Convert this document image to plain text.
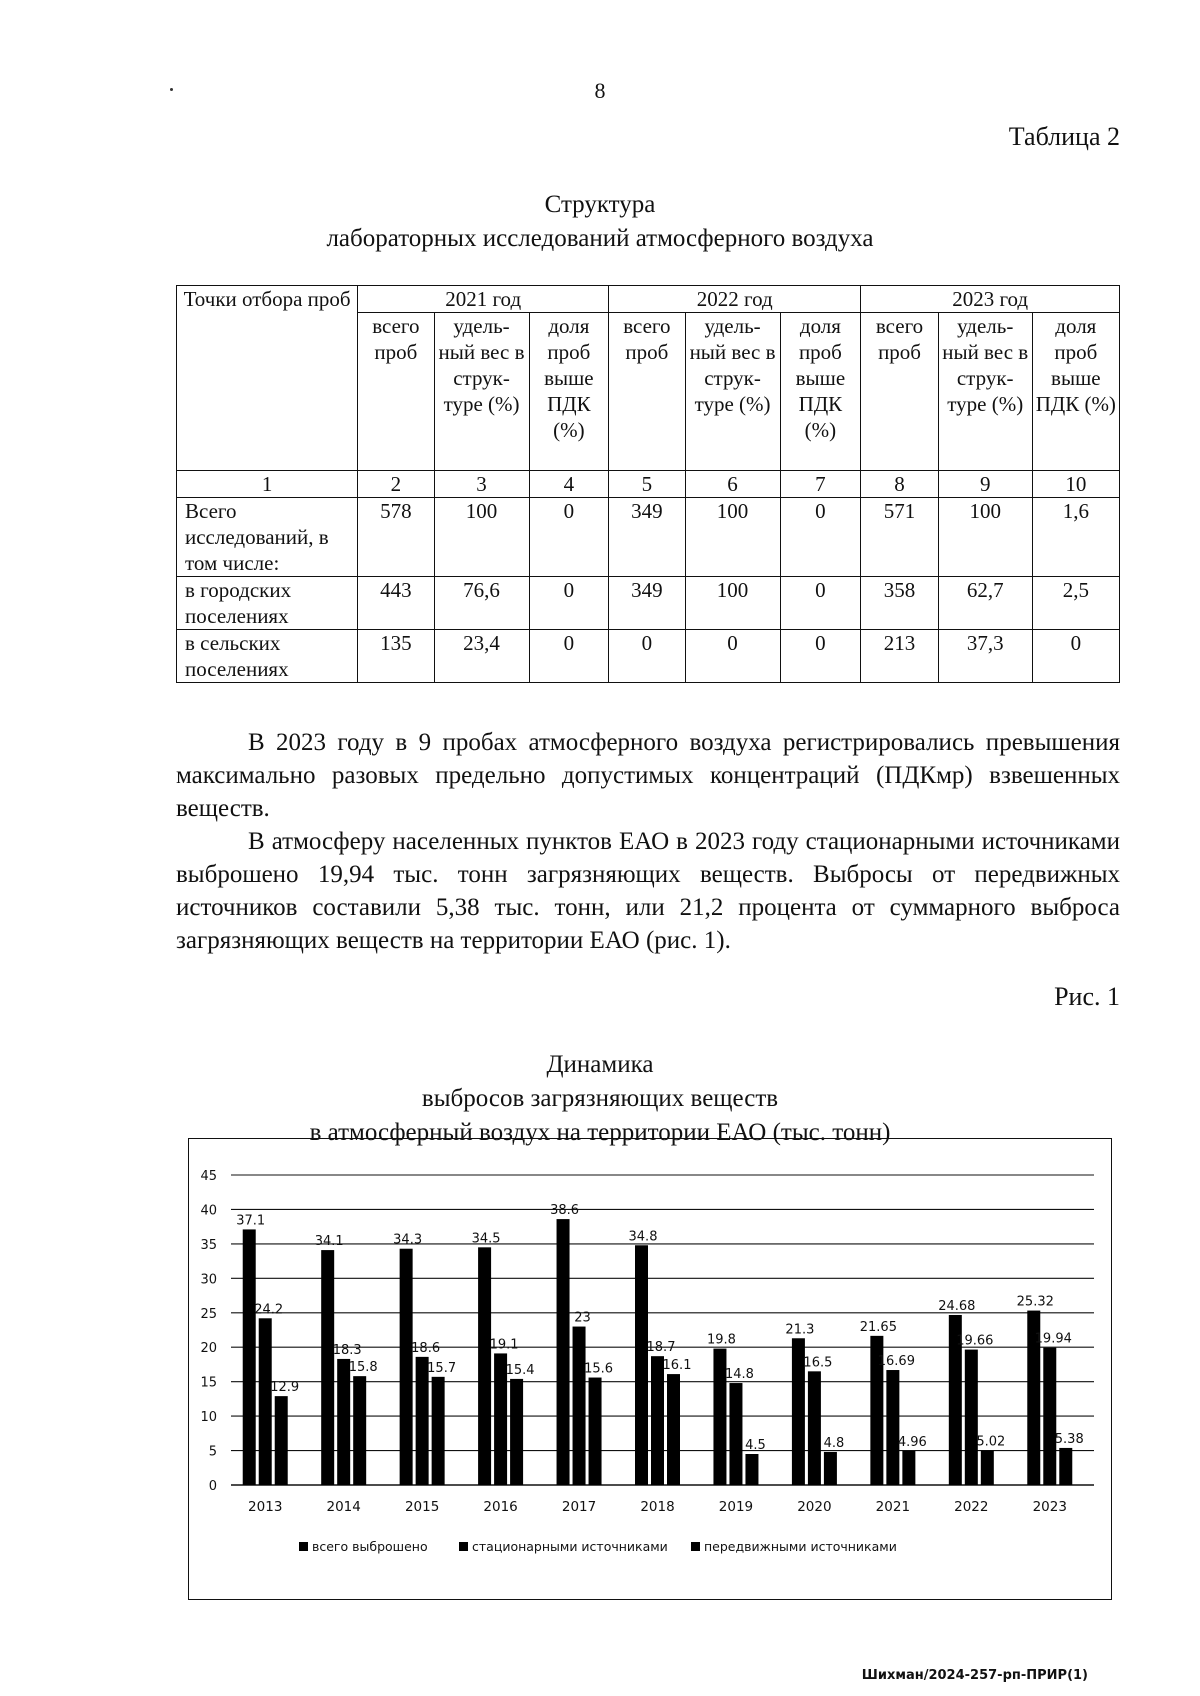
8
Таблица 2
Структура
лабораторных исследований атмосферного воздуха
Точки отбора проб	2021 год			2022 год			2023 год		
	всего проб	удель-ный вес в струк-туре (%)	доля проб выше ПДК (%)	всего проб	удель-ный вес в струк-туре (%)	доля проб выше ПДК (%)	всего проб	удель-ный вес в струк-туре (%)	доля проб выше ПДК (%)
1	2	3	4	5	6	7	8	9	10
Всего исследований, в том числе:	578	100	0	349	100	0	571	100	1,6
в городских поселениях	443	76,6	0	349	100	0	358	62,7	2,5
в сельских поселениях	135	23,4	0	0	0	0	213	37,3	0

В 2023 году в 9 пробах атмосферного воздуха регистрировались превышения максимально разовых предельно допустимых концентраций (ПДКмр) взвешенных веществ.

В атмосферу населенных пунктов ЕАО в 2023 году стационарными источниками выброшено 19,94 тыс. тонн загрязняющих веществ. Выбросы от передвижных источников составили 5,38 тыс. тонн, или 21,2 процента от суммарного выброса загрязняющих веществ на территории ЕАО (рис. 1).

Рис. 1
Динамика
выбросов загрязняющих веществ
в атмосферный воздух на территории ЕАО (тыс. тонн)
0
5
10
15
20
25
30
35
40
45
37.1
24.2
12.9
2013
34.1
18.3
15.8
2014
34.3
18.6
15.7
2015
34.5
19.1
15.4
2016
38.6
23
15.6
2017
34.8
18.7
16.1
2018
19.8
14.8
4.5
2019
21.3
16.5
4.8
2020
21.65
16.69
4.96
2021
24.68
19.66
5.02
2022
25.32
19.94
5.38
2023
всего выброшено	стационарными источниками	передвижными источниками
Шихман/2024-257-рп-ПРИР(1)
